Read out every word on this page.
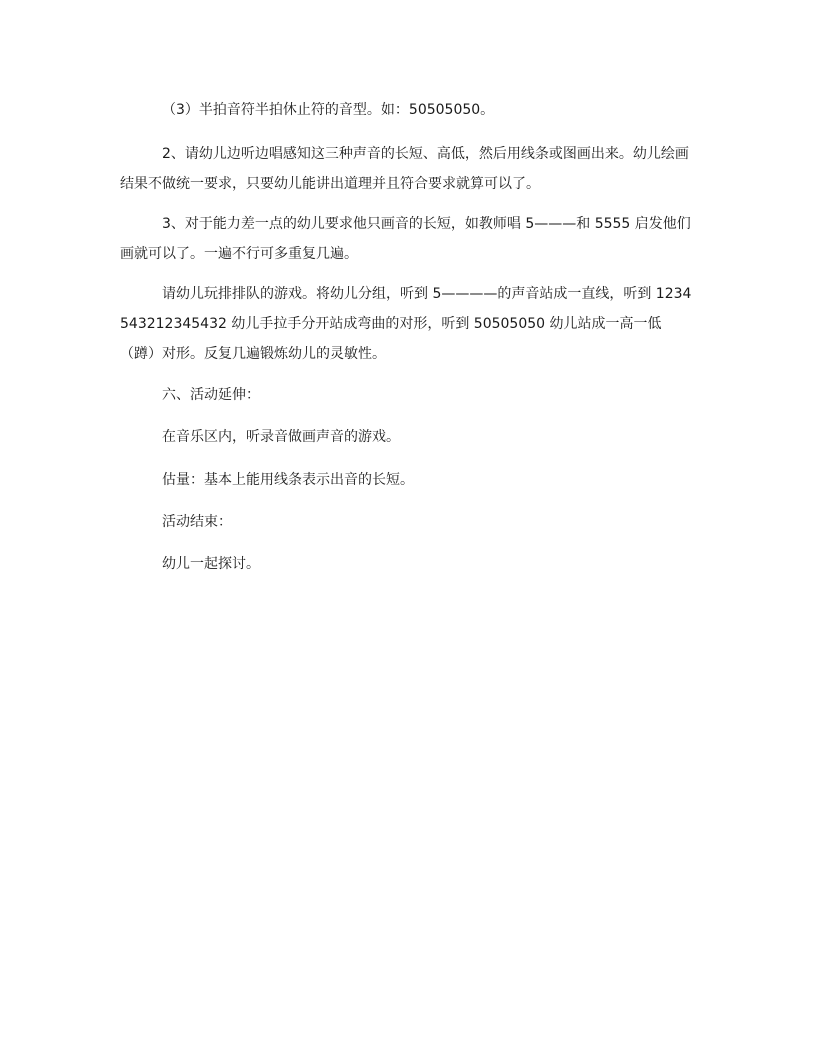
（3）半拍音符半拍休止符的音型。如：50505050。

2、请幼儿边听边唱感知这三种声音的长短、高低，然后用线条或图画出来。幼儿绘画结果不做统一要求，只要幼儿能讲出道理并且符合要求就算可以了。

3、对于能力差一点的幼儿要求他只画音的长短，如教师唱 5———和 5555 启发他们画就可以了。一遍不行可多重复几遍。

请幼儿玩排排队的游戏。将幼儿分组，听到 5————的声音站成一直线，听到 1234543212345432 幼儿手拉手分开站成弯曲的对形，听到 50505050 幼儿站成一高一低（蹲）对形。反复几遍锻炼幼儿的灵敏性。

六、活动延伸：

在音乐区内，听录音做画声音的游戏。

估量：基本上能用线条表示出音的长短。

活动结束：

幼儿一起探讨。
